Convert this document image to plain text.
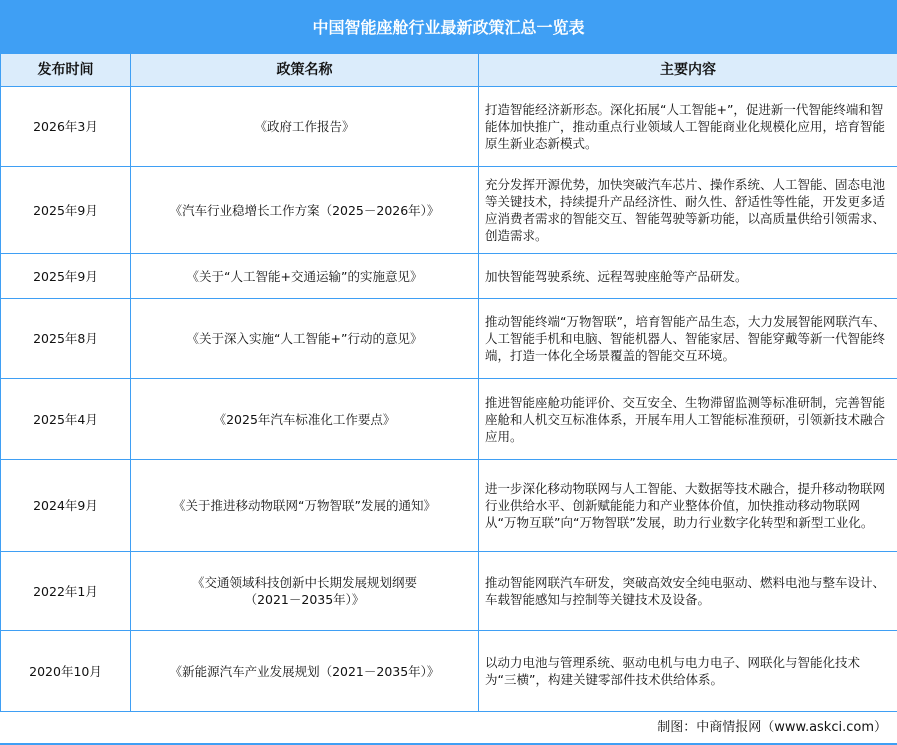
中国智能座舱行业最新政策汇总一览表
发布时间	政策名称	主要内容
2026年3月	《政府工作报告》	打造智能经济新形态。深化拓展“人工智能+”，促进新一代智能终端和智能体加快推广，推动重点行业领域人工智能商业化规模化应用，培育智能原生新业态新模式。
2025年9月	《汽车行业稳增长工作方案（2025－2026年）》	充分发挥开源优势，加快突破汽车芯片、操作系统、人工智能、固态电池等关键技术，持续提升产品经济性、耐久性、舒适性等性能，开发更多适应消费者需求的智能交互、智能驾驶等新功能，以高质量供给引领需求、创造需求。
2025年9月	《关于“人工智能+交通运输”的实施意见》	加快智能驾驶系统、远程驾驶座舱等产品研发。
2025年8月	《关于深入实施“人工智能+”行动的意见》	推动智能终端“万物智联”，培育智能产品生态，大力发展智能网联汽车、人工智能手机和电脑、智能机器人、智能家居、智能穿戴等新一代智能终端，打造一体化全场景覆盖的智能交互环境。
2025年4月	《2025年汽车标准化工作要点》	推进智能座舱功能评价、交互安全、生物滞留监测等标准研制，完善智能座舱和人机交互标准体系，开展车用人工智能标准预研，引领新技术融合应用。
2024年9月	《关于推进移动物联网“万物智联”发展的通知》	进一步深化移动物联网与人工智能、大数据等技术融合，提升移动物联网行业供给水平、创新赋能能力和产业整体价值，加快推动移动物联网从“万物互联”向“万物智联”发展，助力行业数字化转型和新型工业化。
2022年1月	《交通领域科技创新中长期发展规划纲要（2021－2035年）》	推动智能网联汽车研发，突破高效安全纯电驱动、燃料电池与整车设计、车载智能感知与控制等关键技术及设备。
2020年10月	《新能源汽车产业发展规划（2021－2035年）》	以动力电池与管理系统、驱动电机与电力电子、网联化与智能化技术为“三横”，构建关键零部件技术供给体系。
制图：中商情报网（www.askci.com）
